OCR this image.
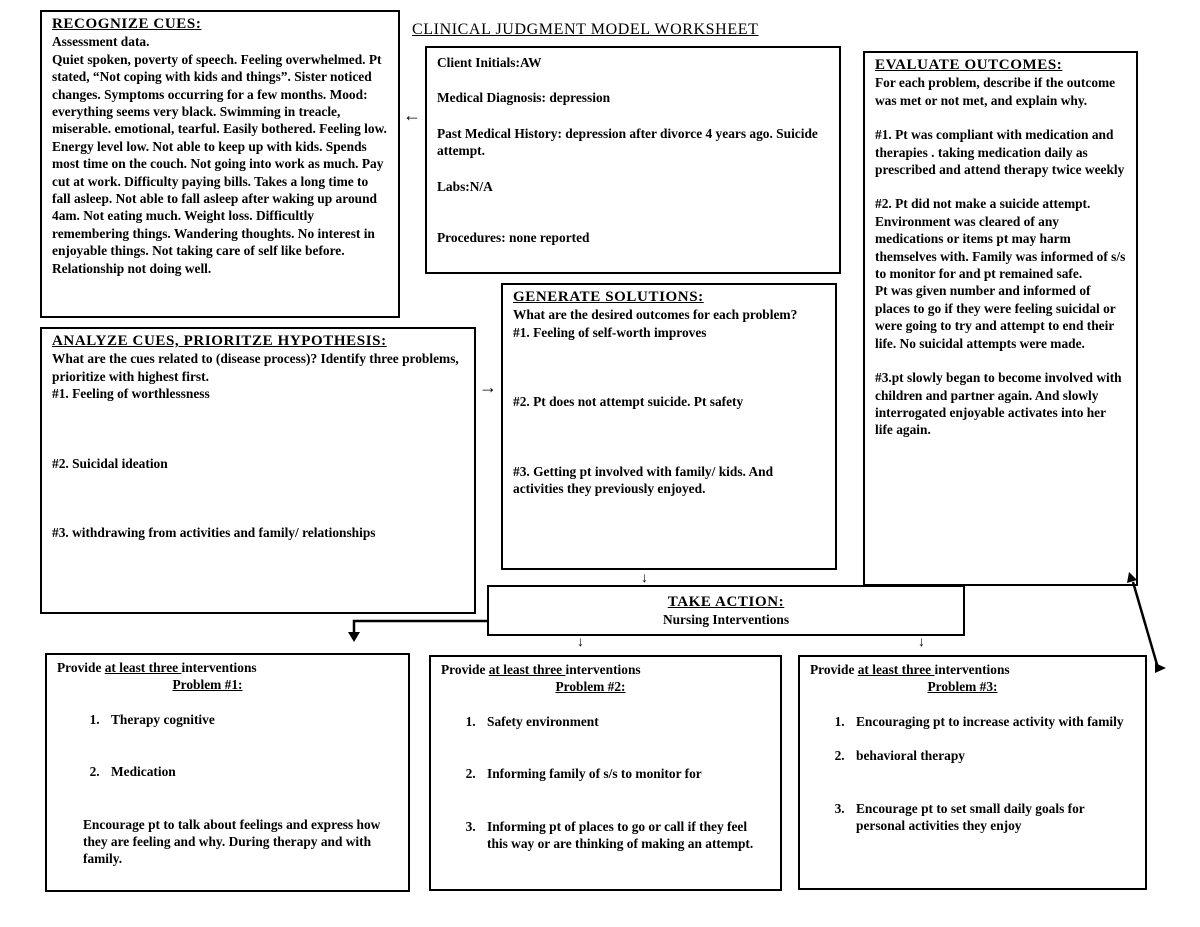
CLINICAL JUDGMENT MODEL WORKSHEET
RECOGNIZE CUES:
Assessment data.
Quiet spoken, poverty of speech. Feeling overwhelmed. Pt stated, “Not coping with kids and things”. Sister noticed changes. Symptoms occurring for a few months. Mood: everything seems very black. Swimming in treacle, miserable. emotional, tearful. Easily bothered. Feeling low. Energy level low. Not able to keep up with kids. Spends most time on the couch. Not going into work as much. Pay cut at work. Difficulty paying bills. Takes a long time to fall asleep. Not able to fall asleep after waking up around 4am. Not eating much. Weight loss. Difficultly remembering things. Wandering thoughts. No interest in enjoyable things. Not taking care of self like before. Relationship not doing well.
←
Client Initials:AW
Medical Diagnosis: depression
Past Medical History: depression after divorce 4 years ago. Suicide attempt.
Labs:N/A
Procedures: none reported
EVALUATE OUTCOMES:
For each problem, describe if the outcome was met or not met, and explain why.
#1. Pt was compliant with medication and therapies . taking medication daily as prescribed and attend therapy twice weekly
#2. Pt did not make a suicide attempt. Environment was cleared of any medications or items pt may harm themselves with. Family was informed of s/s to monitor for and pt remained safe.
Pt was given number and informed of places to go if they were feeling suicidal or were going to try and attempt to end their life. No suicidal attempts were made.
#3.pt slowly began to become involved with children and partner again. And slowly interrogated enjoyable activates into her life again.
ANALYZE CUES, PRIORITZE HYPOTHESIS:
What are the cues related to (disease process)? Identify three problems, prioritize with highest first.
#1. Feeling of worthlessness
#2. Suicidal ideation
#3. withdrawing from activities and family/ relationships
→
GENERATE SOLUTIONS:
What are the desired outcomes for each problem?
#1. Feeling of self-worth improves
#2. Pt does not attempt suicide. Pt safety
#3. Getting pt involved with family/ kids. And activities they previously enjoyed.
↓
TAKE ACTION:
Nursing Interventions
↓	↓
Provide at least three interventions
Problem #1:
1. Therapy cognitive
2. Medication
Encourage pt to talk about feelings and express how they are feeling and why. During therapy and with family.
Provide at least three interventions
Problem #2:
1. Safety environment
2. Informing family of s/s to monitor for
3. Informing pt of places to go or call if they feel this way or are thinking of making an attempt.
Provide at least three interventions
Problem #3:
1. Encouraging pt to increase activity with family
2. behavioral therapy
3. Encourage pt to set small daily goals for personal activities they enjoy
